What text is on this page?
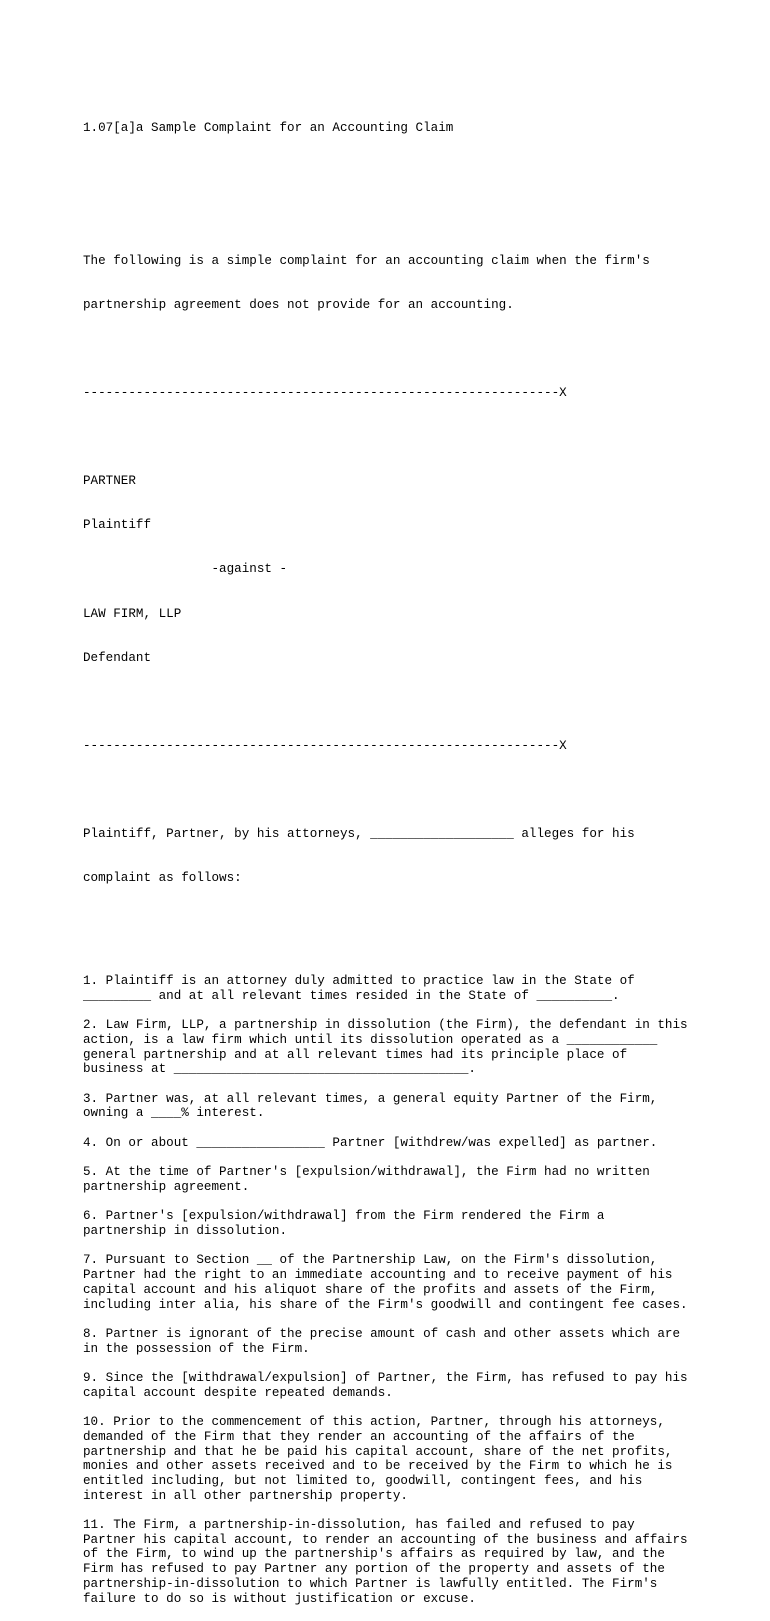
1.07[a]a Sample Complaint for an Accounting Claim

The following is a simple complaint for an accounting claim when the firm's

partnership agreement does not provide for an accounting.

---------------------------------------------------------------X

PARTNER

Plaintiff

-against -

LAW FIRM, LLP

Defendant

---------------------------------------------------------------X

Plaintiff, Partner, by his attorneys, ___________________ alleges for his

complaint as follows:

1. Plaintiff is an attorney duly admitted to practice law in the State of
_________ and at all relevant times resided in the State of __________.
2. Law Firm, LLP, a partnership in dissolution (the Firm), the defendant in this
action, is a law firm which until its dissolution operated as a ____________
general partnership and at all relevant times had its principle place of
business at _______________________________________.
3. Partner was, at all relevant times, a general equity Partner of the Firm,
owning a ____% interest.
4. On or about _________________ Partner [withdrew/was expelled] as partner.
5. At the time of Partner's [expulsion/withdrawal], the Firm had no written
partnership agreement.
6. Partner's [expulsion/withdrawal] from the Firm rendered the Firm a
partnership in dissolution.
7. Pursuant to Section __ of the Partnership Law, on the Firm's dissolution,
Partner had the right to an immediate accounting and to receive payment of his
capital account and his aliquot share of the profits and assets of the Firm,
including inter alia, his share of the Firm's goodwill and contingent fee cases.
8. Partner is ignorant of the precise amount of cash and other assets which are
in the possession of the Firm.
9. Since the [withdrawal/expulsion] of Partner, the Firm, has refused to pay his
capital account despite repeated demands.
10. Prior to the commencement of this action, Partner, through his attorneys,
demanded of the Firm that they render an accounting of the affairs of the
partnership and that he be paid his capital account, share of the net profits,
monies and other assets received and to be received by the Firm to which he is
entitled including, but not limited to, goodwill, contingent fees, and his
interest in all other partnership property.
11. The Firm, a partnership-in-dissolution, has failed and refused to pay
Partner his capital account, to render an accounting of the business and affairs
of the Firm, to wind up the partnership's affairs as required by law, and the
Firm has refused to pay Partner any portion of the property and assets of the
partnership-in-dissolution to which Partner is lawfully entitled. The Firm's
failure to do so is without justification or excuse.
